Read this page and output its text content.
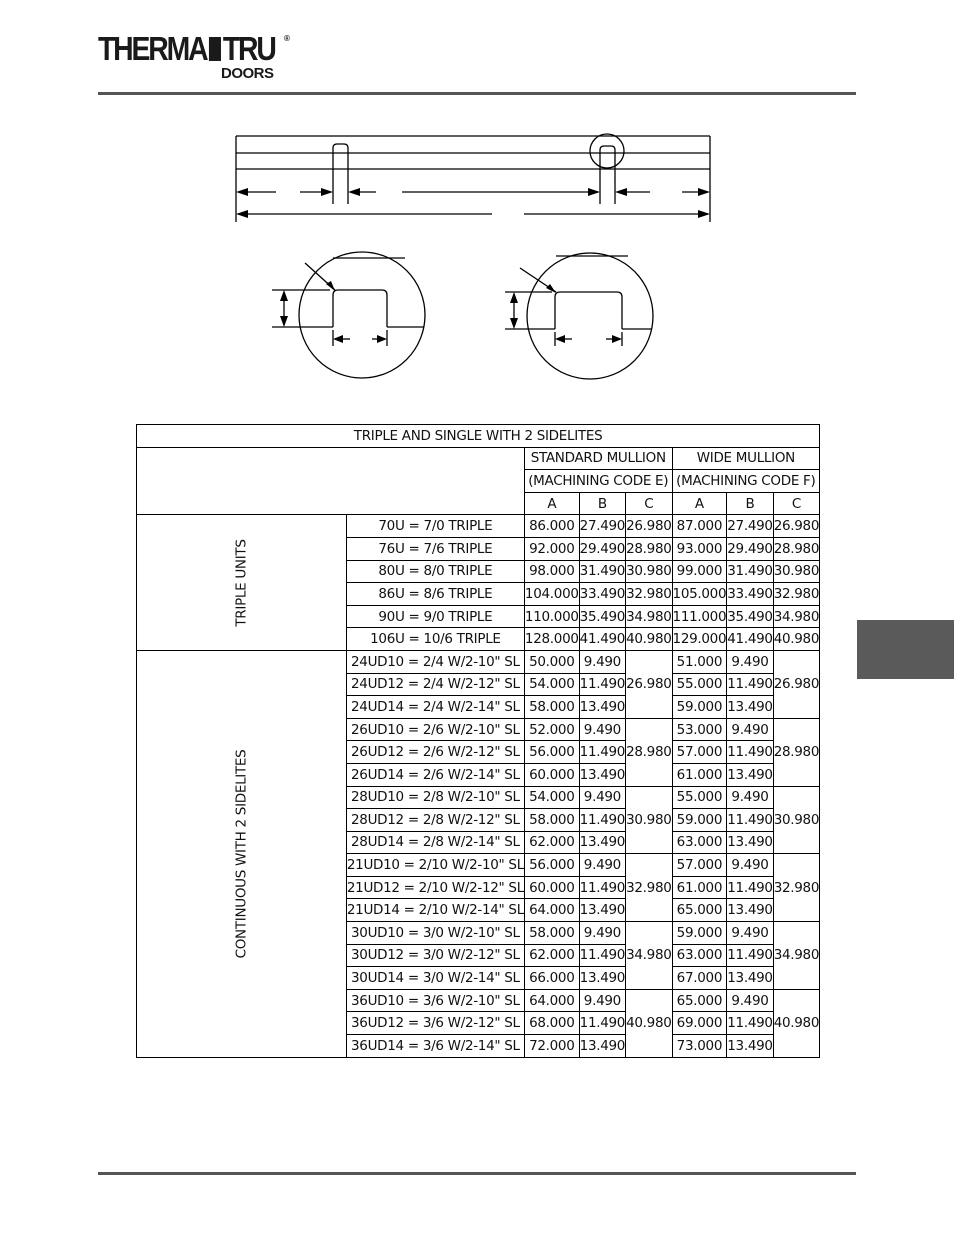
THERMA TRU ®
DOORS
TRIPLE AND SINGLE WITH 2 SIDELITES							
		STANDARD MULLION			WIDE MULLION		
		(MACHINING CODE E)			(MACHINING CODE F)		
		A	B	C	A	B	C
TRIPLE UNITS	70U = 7/0 TRIPLE	86.000	27.490	26.980	87.000	27.490	26.980
	76U = 7/6 TRIPLE	92.000	29.490	28.980	93.000	29.490	28.980
	80U = 8/0 TRIPLE	98.000	31.490	30.980	99.000	31.490	30.980
	86U = 8/6 TRIPLE	104.000	33.490	32.980	105.000	33.490	32.980
	90U = 9/0 TRIPLE	110.000	35.490	34.980	111.000	35.490	34.980
	106U = 10/6 TRIPLE	128.000	41.490	40.980	129.000	41.490	40.980
CONTINUOUS WITH 2 SIDELITES	24UD10 = 2/4 W/2-10" SL	50.000	9.490	26.980	51.000	9.490	26.980
	24UD12 = 2/4 W/2-12" SL	54.000	11.490		55.000	11.490	
	24UD14 = 2/4 W/2-14" SL	58.000	13.490		59.000	13.490	
	26UD10 = 2/6 W/2-10" SL	52.000	9.490	28.980	53.000	9.490	28.980
	26UD12 = 2/6 W/2-12" SL	56.000	11.490		57.000	11.490	
	26UD14 = 2/6 W/2-14" SL	60.000	13.490		61.000	13.490	
	28UD10 = 2/8 W/2-10" SL	54.000	9.490	30.980	55.000	9.490	30.980
	28UD12 = 2/8 W/2-12" SL	58.000	11.490		59.000	11.490	
	28UD14 = 2/8 W/2-14" SL	62.000	13.490		63.000	13.490	
	21UD10 = 2/10 W/2-10" SL	56.000	9.490	32.980	57.000	9.490	32.980
	21UD12 = 2/10 W/2-12" SL	60.000	11.490		61.000	11.490	
	21UD14 = 2/10 W/2-14" SL	64.000	13.490		65.000	13.490	
	30UD10 = 3/0 W/2-10" SL	58.000	9.490	34.980	59.000	9.490	34.980
	30UD12 = 3/0 W/2-12" SL	62.000	11.490		63.000	11.490	
	30UD14 = 3/0 W/2-14" SL	66.000	13.490		67.000	13.490	
	36UD10 = 3/6 W/2-10" SL	64.000	9.490	40.980	65.000	9.490	40.980
	36UD12 = 3/6 W/2-12" SL	68.000	11.490		69.000	11.490	
	36UD14 = 3/6 W/2-14" SL	72.000	13.490		73.000	13.490	
